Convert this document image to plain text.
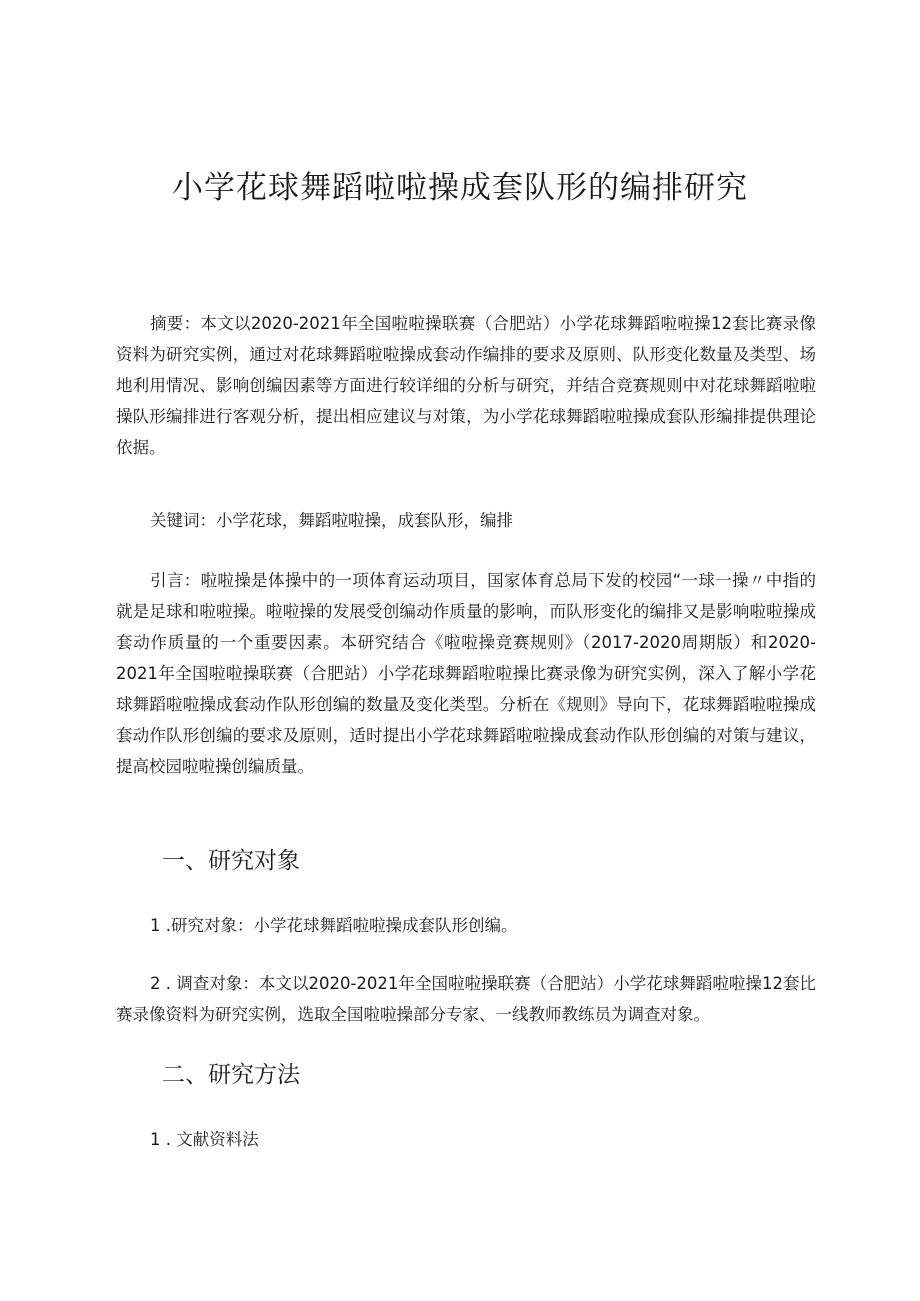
小学花球舞蹈啦啦操成套队形的编排研究

摘要：本文以2020-2021年全国啦啦操联赛（合肥站）小学花球舞蹈啦啦操12套比赛录像资料为研究实例，通过对花球舞蹈啦啦操成套动作编排的要求及原则、队形变化数量及类型、场地利用情况、影响创编因素等方面进行较详细的分析与研究，并结合竞赛规则中对花球舞蹈啦啦操队形编排进行客观分析，提出相应建议与对策，为小学花球舞蹈啦啦操成套队形编排提供理论依据。

关键词：小学花球，舞蹈啦啦操，成套队形，编排

引言：啦啦操是体操中的一项体育运动项目，国家体育总局下发的校园“一球一操〃中指的就是足球和啦啦操。啦啦操的发展受创编动作质量的影响，而队形变化的编排又是影响啦啦操成套动作质量的一个重要因素。本研究结合《啦啦操竞赛规则》（2017-2020周期版）和2020-2021年全国啦啦操联赛（合肥站）小学花球舞蹈啦啦操比赛录像为研究实例，深入了解小学花球舞蹈啦啦操成套动作队形创编的数量及变化类型。分析在《规则》导向下，花球舞蹈啦啦操成套动作队形创编的要求及原则，适时提出小学花球舞蹈啦啦操成套动作队形创编的对策与建议，提高校园啦啦操创编质量。

一、研究对象

1 .研究对象：小学花球舞蹈啦啦操成套队形创编。

2 . 调查对象：本文以2020-2021年全国啦啦操联赛（合肥站）小学花球舞蹈啦啦操12套比赛录像资料为研究实例，选取全国啦啦操部分专家、一线教师教练员为调查对象。

二、研究方法

1 . 文献资料法
